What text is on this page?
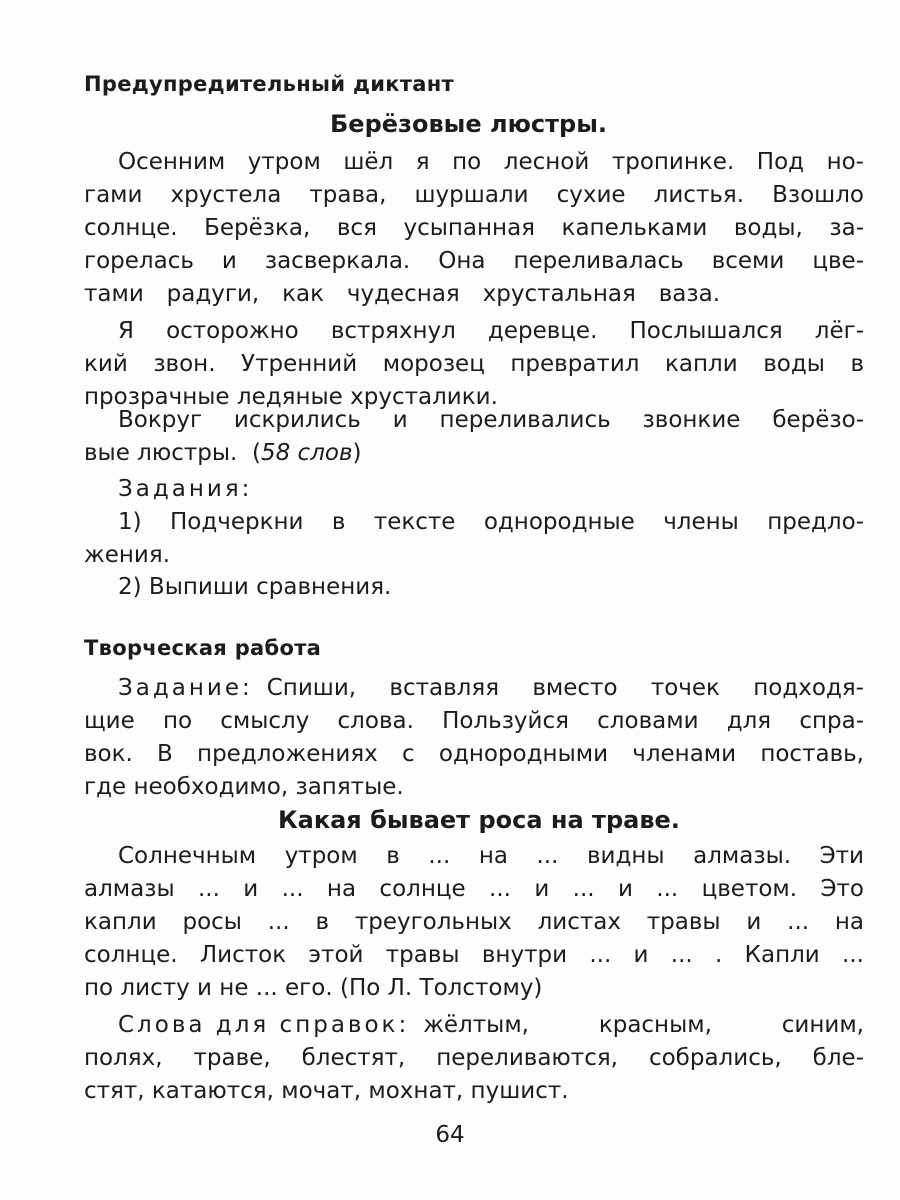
Предупредительный диктант
Берёзовые люстры.
Осенним утром шёл я по лесной тропинке. Под но-
гами хрустела трава, шуршали сухие листья. Взошло
солнце. Берёзка, вся усыпанная капельками воды, за-
горелась и засверкала. Она переливалась всеми цве-
тами радуги, как чудесная хрустальная ваза.
Я осторожно встряхнул деревце. Послышался лёг-
кий звон. Утренний морозец превратил капли воды в
прозрачные ледяные хрусталики.
Вокруг искрились и переливались звонкие берёзо-
вые люстры.  (58 слов)
Задания:
1) Подчеркни в тексте однородные члены предло-
жения.
2) Выпиши сравнения.
Творческая работа
Задание: Спиши, вставляя вместо точек подходя-
щие по смыслу слова. Пользуйся словами для спра-
вок. В предложениях с однородными членами поставь,
где необходимо, запятые.
Какая бывает роса на траве.
Солнечным утром в ... на ... видны алмазы. Эти
алмазы ... и ... на солнце ... и ... и ... цветом. Это
капли росы ... в треугольных листах травы и ... на
солнце. Листок этой травы внутри ... и ... . Капли ...
по листу и не ... его. (По Л. Толстому)
Слова для справок: жёлтым, красным, синим,
полях, траве, блестят, переливаются, собрались, бле-
стят, катаются, мочат, мохнат, пушист.
64
